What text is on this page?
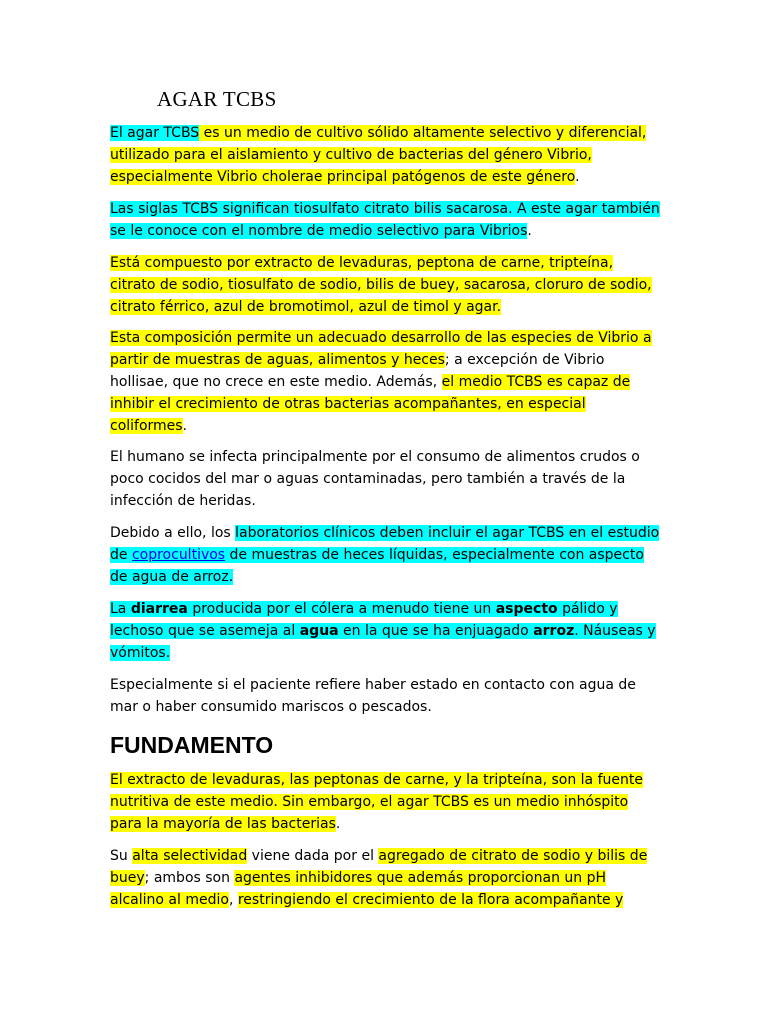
AGAR TCBS

El agar TCBS es un medio de cultivo sólido altamente selectivo y diferencial, utilizado para el aislamiento y cultivo de bacterias del género Vibrio, especialmente Vibrio cholerae principal patógenos de este género.

Las siglas TCBS significan tiosulfato citrato bilis sacarosa. A este agar también se le conoce con el nombre de medio selectivo para Vibrios.

Está compuesto por extracto de levaduras, peptona de carne, tripteína, citrato de sodio, tiosulfato de sodio, bilis de buey, sacarosa, cloruro de sodio, citrato férrico, azul de bromotimol, azul de timol y agar.

Esta composición permite un adecuado desarrollo de las especies de Vibrio a partir de muestras de aguas, alimentos y heces; a excepción de Vibrio hollisae, que no crece en este medio. Además, el medio TCBS es capaz de inhibir el crecimiento de otras bacterias acompañantes, en especial coliformes.

El humano se infecta principalmente por el consumo de alimentos crudos o poco cocidos del mar o aguas contaminadas, pero también a través de la infección de heridas.

Debido a ello, los laboratorios clínicos deben incluir el agar TCBS en el estudio de coprocultivos de muestras de heces líquidas, especialmente con aspecto de agua de arroz.

La diarrea producida por el cólera a menudo tiene un aspecto pálido y lechoso que se asemeja al agua en la que se ha enjuagado arroz. Náuseas y vómitos.

Especialmente si el paciente refiere haber estado en contacto con agua de mar o haber consumido mariscos o pescados.

FUNDAMENTO

El extracto de levaduras, las peptonas de carne, y la tripteína, son la fuente nutritiva de este medio. Sin embargo, el agar TCBS es un medio inhóspito para la mayoría de las bacterias.

Su alta selectividad viene dada por el agregado de citrato de sodio y bilis de buey; ambos son agentes inhibidores que además proporcionan un pH alcalino al medio, restringiendo el crecimiento de la flora acompañante y
